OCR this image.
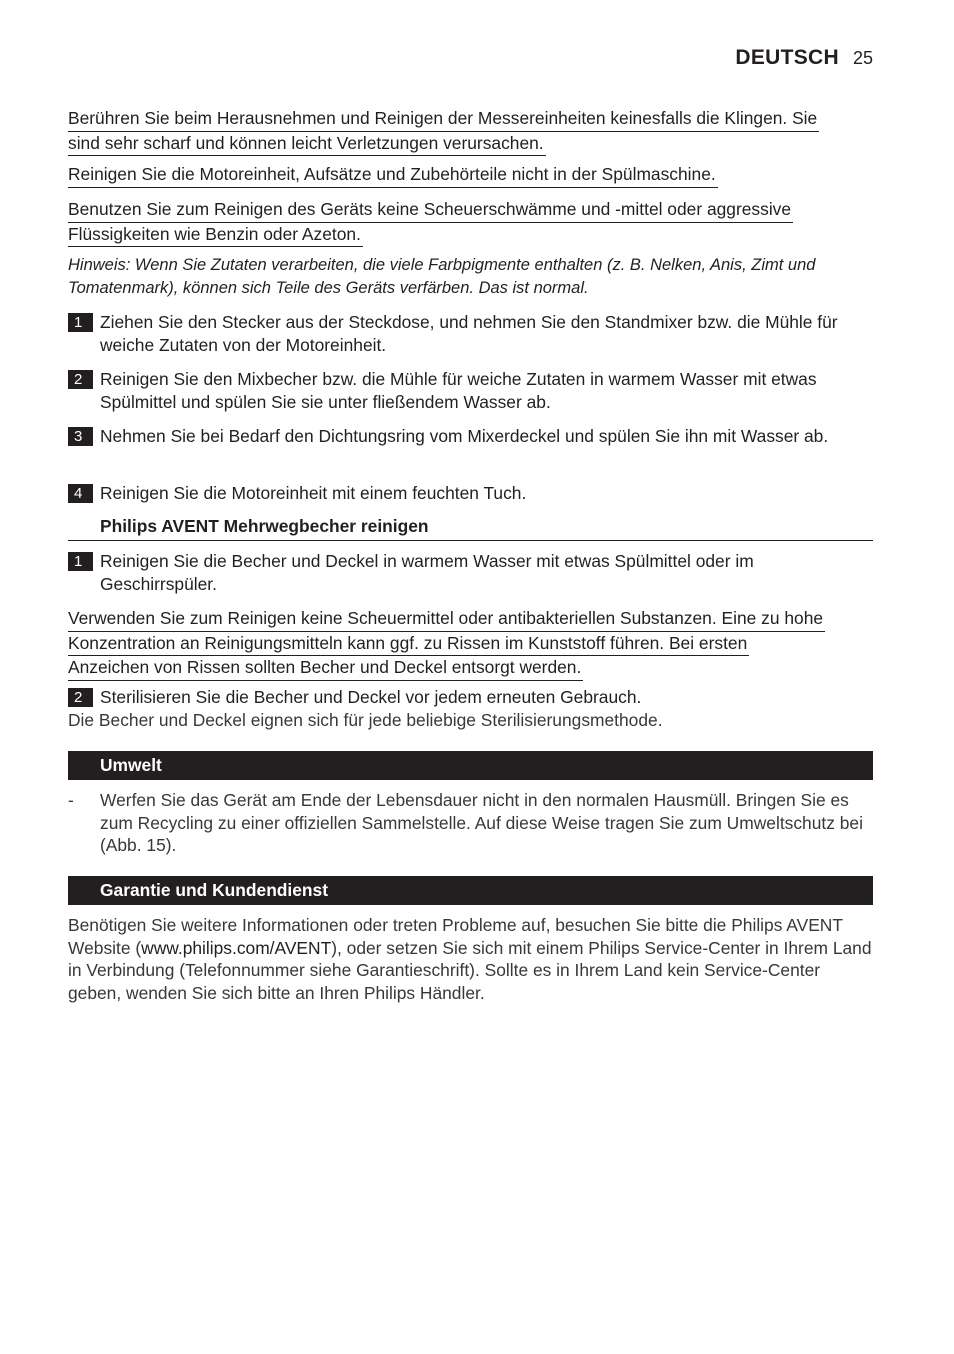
DEUTSCH 25
Berühren Sie beim Herausnehmen und Reinigen der Messereinheiten keinesfalls die Klingen. Sie
sind sehr scharf und können leicht Verletzungen verursachen.
Reinigen Sie die Motoreinheit, Aufsätze und Zubehörteile nicht in der Spülmaschine.
Benutzen Sie zum Reinigen des Geräts keine Scheuerschwämme und -mittel oder aggressive
Flüssigkeiten wie Benzin oder Azeton.
Hinweis: Wenn Sie Zutaten verarbeiten, die viele Farbpigmente enthalten (z. B. Nelken, Anis, Zimt und
Tomatenmark), können sich Teile des Geräts verfärben. Das ist normal.
1	Ziehen Sie den Stecker aus der Steckdose, und nehmen Sie den Standmixer bzw. die Mühle für weiche Zutaten von der Motoreinheit.
2	Reinigen Sie den Mixbecher bzw. die Mühle für weiche Zutaten in warmem Wasser mit etwas Spülmittel und spülen Sie sie unter fließendem Wasser ab.
3	Nehmen Sie bei Bedarf den Dichtungsring vom Mixerdeckel und spülen Sie ihn mit Wasser ab.
4	Reinigen Sie die Motoreinheit mit einem feuchten Tuch.
Philips AVENT Mehrwegbecher reinigen
1	Reinigen Sie die Becher und Deckel in warmem Wasser mit etwas Spülmittel oder im Geschirrspüler.
Verwenden Sie zum Reinigen keine Scheuermittel oder antibakteriellen Substanzen. Eine zu hohe
Konzentration an Reinigungsmitteln kann ggf. zu Rissen im Kunststoff führen. Bei ersten
Anzeichen von Rissen sollten Becher und Deckel entsorgt werden.
2	Sterilisieren Sie die Becher und Deckel vor jedem erneuten Gebrauch.
Die Becher und Deckel eignen sich für jede beliebige Sterilisierungsmethode.
Umwelt
-	Werfen Sie das Gerät am Ende der Lebensdauer nicht in den normalen Hausmüll. Bringen Sie es zum Recycling zu einer offiziellen Sammelstelle. Auf diese Weise tragen Sie zum Umweltschutz bei (Abb. 15).
Garantie und Kundendienst
Benötigen Sie weitere Informationen oder treten Probleme auf, besuchen Sie bitte die Philips AVENT Website (www.philips.com/AVENT), oder setzen Sie sich mit einem Philips Service-Center in Ihrem Land in Verbindung (Telefonnummer siehe Garantieschrift). Sollte es in Ihrem Land kein Service-Center geben, wenden Sie sich bitte an Ihren Philips Händler.
